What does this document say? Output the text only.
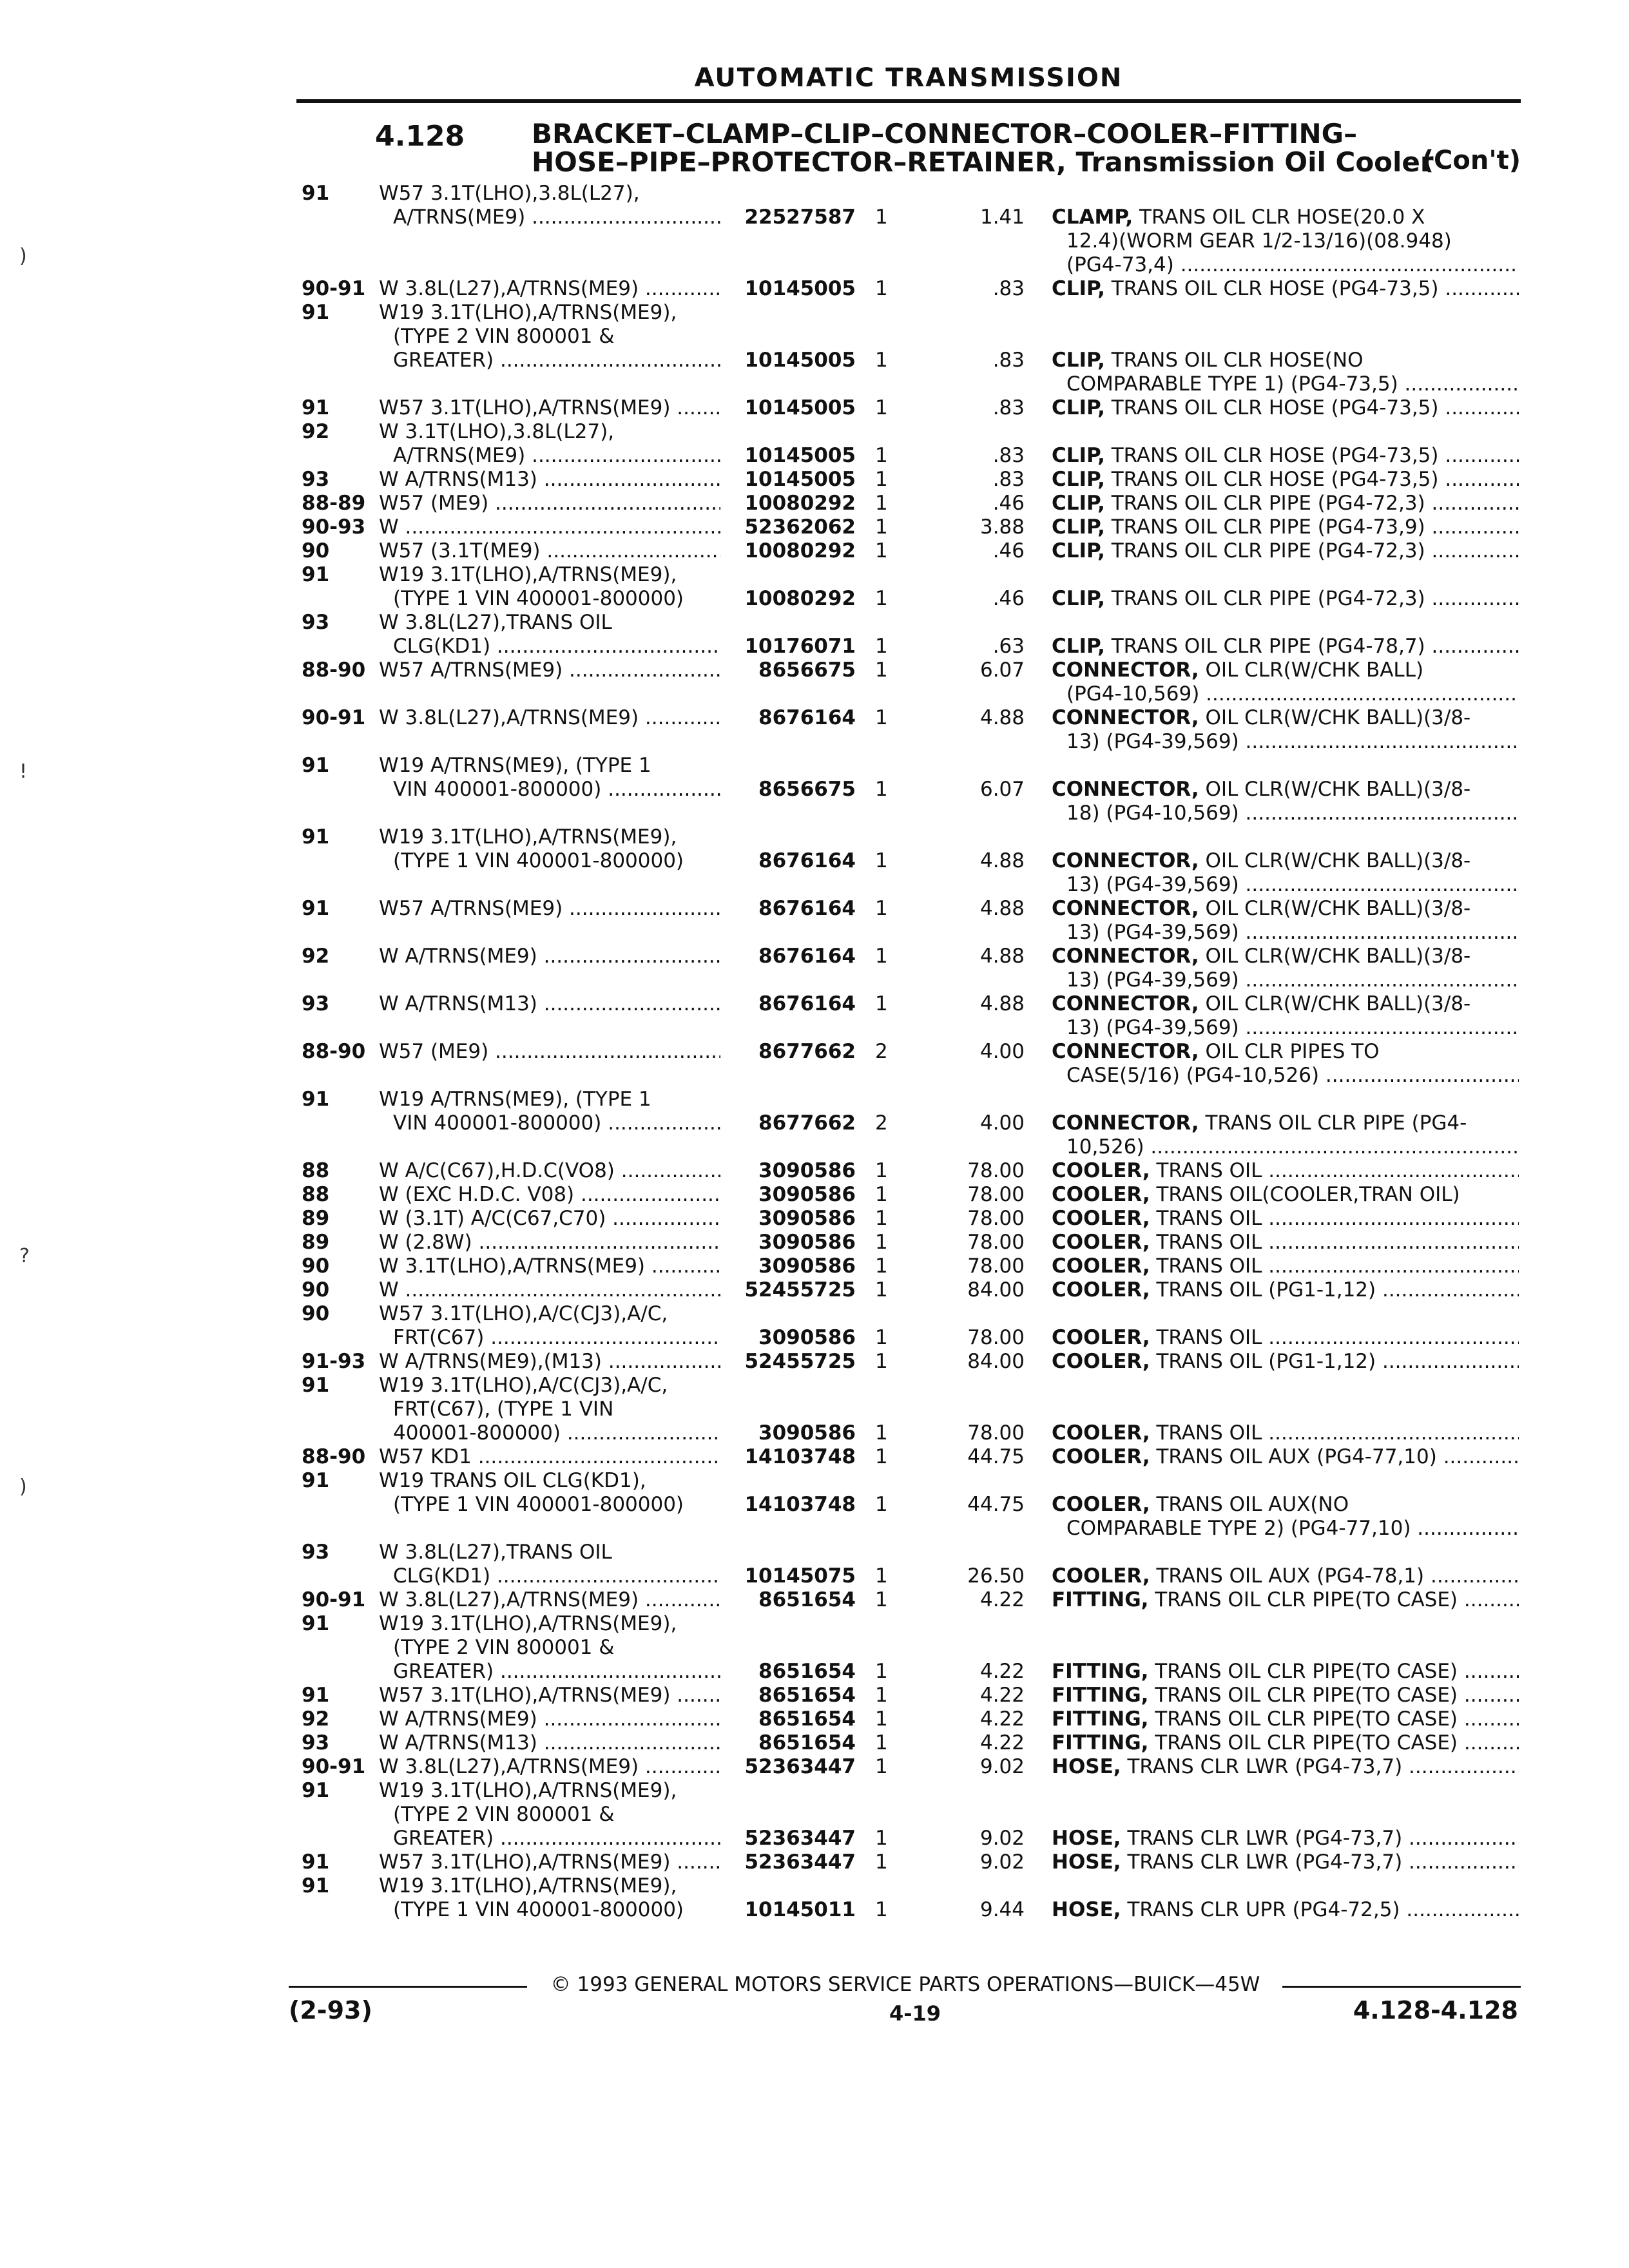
AUTOMATIC TRANSMISSION
4.128 BRACKET–CLAMP–CLIP–CONNECTOR–COOLER–FITTING–
HOSE–PIPE–PROTECTOR–RETAINER, Transmission Oil Cooler
(Con't)
91	W57 3.1T(LHO),3.8L(L27),
A/TRNS(ME9) .....	22527587 1	1.41 CLAMP, TRANS OIL CLR HOSE(20.0 X
12.4)(WORM GEAR 1/2-13/16)(08.948)
(PG4-73,4) .....
90-91 W 3.8L(L27),A/TRNS(ME9) .....	10145005 1	.83 CLIP, TRANS OIL CLR HOSE (PG4-73,5) .....
91	W19 3.1T(LHO),A/TRNS(ME9),
(TYPE 2 VIN 800001 &
GREATER) .....	10145005 1	.83 CLIP, TRANS OIL CLR HOSE(NO
COMPARABLE TYPE 1) (PG4-73,5) .....
91	W57 3.1T(LHO),A/TRNS(ME9) .....	10145005 1	.83 CLIP, TRANS OIL CLR HOSE (PG4-73,5) .....
92	W 3.1T(LHO),3.8L(L27),
A/TRNS(ME9) .....	10145005 1	.83 CLIP, TRANS OIL CLR HOSE (PG4-73,5) .....
93	W A/TRNS(M13) .....	10145005 1	.83 CLIP, TRANS OIL CLR HOSE (PG4-73,5) .....
88-89 W57 (ME9) .....	10080292 1	.46 CLIP, TRANS OIL CLR PIPE (PG4-72,3) .....
90-93 W .....	52362062 1	3.88 CLIP, TRANS OIL CLR PIPE (PG4-73,9) .....
90	W57 (3.1T(ME9) .....	10080292 1	.46 CLIP, TRANS OIL CLR PIPE (PG4-72,3) .....
91	W19 3.1T(LHO),A/TRNS(ME9),
(TYPE 1 VIN 400001-800000)	10080292 1	.46 CLIP, TRANS OIL CLR PIPE (PG4-72,3) .....
93	W 3.8L(L27),TRANS OIL
CLG(KD1) .....	10176071 1	.63 CLIP, TRANS OIL CLR PIPE (PG4-78,7) .....
88-90 W57 A/TRNS(ME9) .....	8656675 1	6.07 CONNECTOR, OIL CLR(W/CHK BALL)
(PG4-10,569) .....
90-91 W 3.8L(L27),A/TRNS(ME9) .....	8676164 1	4.88 CONNECTOR, OIL CLR(W/CHK BALL)(3/8-
13) (PG4-39,569) .....
91	W19 A/TRNS(ME9), (TYPE 1
VIN 400001-800000) .....	8656675 1	6.07 CONNECTOR, OIL CLR(W/CHK BALL)(3/8-
18) (PG4-10,569) .....
91	W19 3.1T(LHO),A/TRNS(ME9),
(TYPE 1 VIN 400001-800000)	8676164 1	4.88 CONNECTOR, OIL CLR(W/CHK BALL)(3/8-
13) (PG4-39,569) .....
91	W57 A/TRNS(ME9) .....	8676164 1	4.88 CONNECTOR, OIL CLR(W/CHK BALL)(3/8-
13) (PG4-39,569) .....
92	W A/TRNS(ME9) .....	8676164 1	4.88 CONNECTOR, OIL CLR(W/CHK BALL)(3/8-
13) (PG4-39,569) .....
93	W A/TRNS(M13) .....	8676164 1	4.88 CONNECTOR, OIL CLR(W/CHK BALL)(3/8-
13) (PG4-39,569) .....
88-90 W57 (ME9) .....	8677662 2	4.00 CONNECTOR, OIL CLR PIPES TO
CASE(5/16) (PG4-10,526) .....
91	W19 A/TRNS(ME9), (TYPE 1
VIN 400001-800000) .....	8677662 2	4.00 CONNECTOR, TRANS OIL CLR PIPE (PG4-
10,526) .....
88	W A/C(C67),H.D.C(VO8) .....	3090586 1	78.00 COOLER, TRANS OIL .....
88	W (EXC H.D.C. V08) .....	3090586 1	78.00 COOLER, TRANS OIL(COOLER,TRAN OIL)
89	W (3.1T) A/C(C67,C70) .....	3090586 1	78.00 COOLER, TRANS OIL .....
89	W (2.8W) .....	3090586 1	78.00 COOLER, TRANS OIL .....
90	W 3.1T(LHO),A/TRNS(ME9) .....	3090586 1	78.00 COOLER, TRANS OIL .....
90	W .....	52455725 1	84.00 COOLER, TRANS OIL (PG1-1,12) .....
90	W57 3.1T(LHO),A/C(CJ3),A/C,
FRT(C67) .....	3090586 1	78.00 COOLER, TRANS OIL .....
91-93 W A/TRNS(ME9),(M13) .....	52455725 1	84.00 COOLER, TRANS OIL (PG1-1,12) .....
91	W19 3.1T(LHO),A/C(CJ3),A/C,
FRT(C67), (TYPE 1 VIN
400001-800000) .....	3090586 1	78.00 COOLER, TRANS OIL .....
88-90 W57 KD1 .....	14103748 1	44.75 COOLER, TRANS OIL AUX (PG4-77,10) .....
91	W19 TRANS OIL CLG(KD1),
(TYPE 1 VIN 400001-800000)	14103748 1	44.75 COOLER, TRANS OIL AUX(NO
COMPARABLE TYPE 2) (PG4-77,10) .....
93	W 3.8L(L27),TRANS OIL
CLG(KD1) .....	10145075 1	26.50 COOLER, TRANS OIL AUX (PG4-78,1) .....
90-91 W 3.8L(L27),A/TRNS(ME9) .....	8651654 1	4.22 FITTING, TRANS OIL CLR PIPE(TO CASE) .....
91	W19 3.1T(LHO),A/TRNS(ME9),
(TYPE 2 VIN 800001 &
GREATER) .....	8651654 1	4.22 FITTING, TRANS OIL CLR PIPE(TO CASE) .....
91	W57 3.1T(LHO),A/TRNS(ME9) .....	8651654 1	4.22 FITTING, TRANS OIL CLR PIPE(TO CASE) .....
92	W A/TRNS(ME9) .....	8651654 1	4.22 FITTING, TRANS OIL CLR PIPE(TO CASE) .....
93	W A/TRNS(M13) .....	8651654 1	4.22 FITTING, TRANS OIL CLR PIPE(TO CASE) .....
90-91 W 3.8L(L27),A/TRNS(ME9) .....	52363447 1	9.02 HOSE, TRANS CLR LWR (PG4-73,7) .....
91	W19 3.1T(LHO),A/TRNS(ME9),
(TYPE 2 VIN 800001 &
GREATER) .....	52363447 1	9.02 HOSE, TRANS CLR LWR (PG4-73,7) .....
91	W57 3.1T(LHO),A/TRNS(ME9) .....	52363447 1	9.02 HOSE, TRANS CLR LWR (PG4-73,7) .....
91	W19 3.1T(LHO),A/TRNS(ME9),
(TYPE 1 VIN 400001-800000)	10145011 1	9.44 HOSE, TRANS CLR UPR (PG4-72,5) .....
© 1993 GENERAL MOTORS SERVICE PARTS OPERATIONS—BUICK—45W
(2-93)	4-19	4.128-4.128
)
!
?
)
